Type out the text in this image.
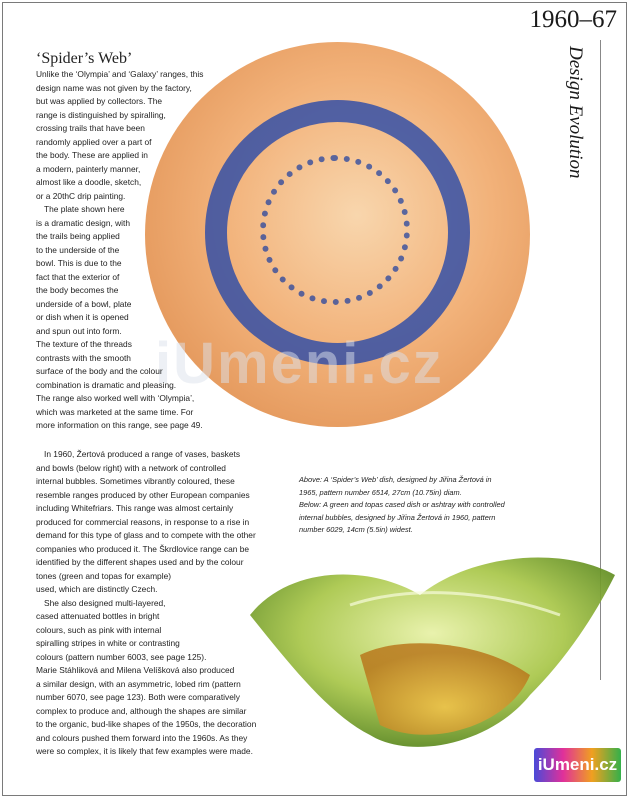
1960–67
Design Evolution
iUmeni.cz
‘Spider’s Web’
Unlike the ‘Olympia’ and ‘Galaxy’ ranges, this
design name was not given by the factory,
but was applied by collectors. The
range is distinguished by spiralling,
crossing trails that have been
randomly applied over a part of
the body. These are applied in
a modern, painterly manner,
almost like a doodle, sketch,
or a 20thC drip painting.
The plate shown here
is a dramatic design, with
the trails being applied
to the underside of the
bowl. This is due to the
fact that the exterior of
the body becomes the
underside of a bowl, plate
or dish when it is opened
and spun out into form.
The texture of the threads
contrasts with the smooth
surface of the body and the colour
combination is dramatic and pleasing.
The range also worked well with ‘Olympia’,
which was marketed at the same time. For
more information on this range, see page 49.
In 1960, Žertová produced a range of vases, baskets
and bowls (below right) with a network of controlled
internal bubbles. Sometimes vibrantly coloured, these
resemble ranges produced by other European companies
including Whitefriars. This range was almost certainly
produced for commercial reasons, in response to a rise in
demand for this type of glass and to compete with the other
companies who produced it. The Škrdlovice range can be
identified by the different shapes used and by the colour
tones (green and topas for example)
used, which are distinctly Czech.
She also designed multi-layered,
cased attenuated bottles in bright
colours, such as pink with internal
spiralling stripes in white or contrasting
colours (pattern number 6003, see page 125).
Marie Stáhliková and Milena Velíšková also produced
a similar design, with an asymmetric, lobed rim (pattern
number 6070, see page 123). Both were comparatively
complex to produce and, although the shapes are similar
to the organic, bud-like shapes of the 1950s, the decoration
and colours pushed them forward into the 1960s. As they
were so complex, it is likely that few examples were made.
Above: A ‘Spider’s Web’ dish, designed by Jiřina Žertová in
1965, pattern number 6514, 27cm (10.75in) diam.
Below: A green and topas cased dish or ashtray with controlled
internal bubbles, designed by Jiřina Žertová in 1960, pattern
number 6029, 14cm (5.5in) widest.
iUmeni.cz
